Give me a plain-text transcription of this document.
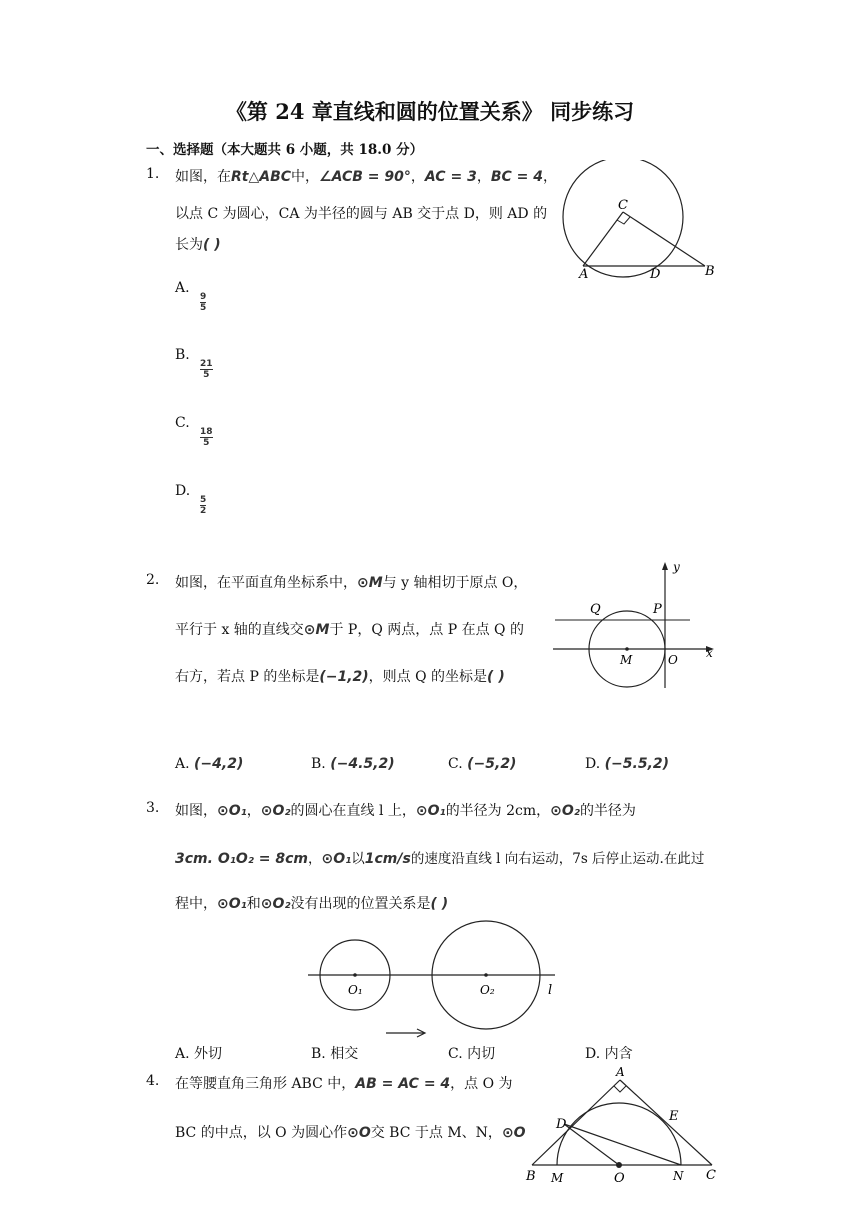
《第 24 章直线和圆的位置关系》 同步练习
一、选择题（本大题共 6 小题，共 18.0 分）
1. 如图，在Rt△ABC中，∠ACB = 90°，AC = 3，BC = 4，
以点 C 为圆心，CA 为半径的圆与 AB 交于点 D，则 AD 的
长为( )
A.
9
5
B.
21
5
C.
18
5
D.
5
2
C
A	D	B
2. 如图，在平面直角坐标系中，⊙M与 y 轴相切于原点 O，
平行于 x 轴的直线交⊙M于 P，Q 两点，点 P 在点 Q 的
右方，若点 P 的坐标是(−1,2)，则点 Q 的坐标是( )
A. (−4,2)	B. (−4.5,2)	C. (−5,2)	D. (−5.5,2)
y
x
Q	P
M	O
3. 如图，⊙O₁，⊙O₂的圆心在直线 l 上，⊙O₁的半径为 2cm，⊙O₂的半径为
3cm. O₁O₂ = 8cm，⊙O₁以1cm/s的速度沿直线 l 向右运动，7s 后停止运动.在此过
程中，⊙O₁和⊙O₂没有出现的位置关系是( )
O₁	O₂	l
A. 外切	B. 相交	C. 内切	D. 内含
4. 在等腰直角三角形 ABC 中，AB = AC = 4，点 O 为
BC 的中点，以 O 为圆心作⊙O交 BC 于点 M、N，⊙O
A
D
E
B M	O	N C
